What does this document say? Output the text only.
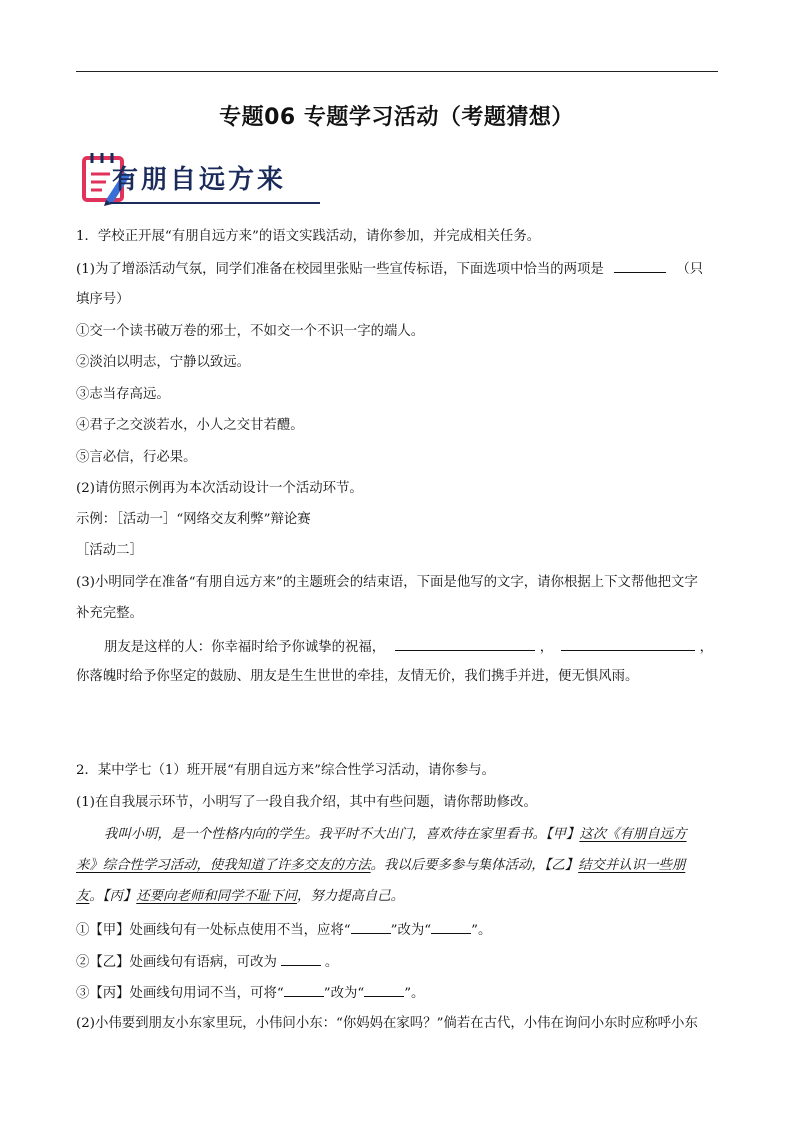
专题06 专题学习活动（考题猜想）
有朋自远方来
1．学校正开展“有朋自远方来”的语文实践活动，请你参加，并完成相关任务。
(1)为了增添活动气氛，同学们准备在校园里张贴一些宣传标语，下面选项中恰当的两项是	（只
填序号）
①交一个读书破万卷的邪士，不如交一个不识一字的端人。
②淡泊以明志，宁静以致远。
③志当存高远。
④君子之交淡若水，小人之交甘若醴。
⑤言必信，行必果。
(2)请仿照示例再为本次活动设计一个活动环节。
示例：［活动一］“网络交友利弊”辩论赛
［活动二］
(3)小明同学在准备“有朋自远方来”的主题班会的结束语，下面是他写的文字，请你根据上下文帮他把文字
补充完整。
朋友是这样的人：你幸福时给予你诚挚的祝福，	，	，
你落魄时给予你坚定的鼓励、朋友是生生世世的牵挂，友情无价，我们携手并进，便无惧风雨。
2．某中学七（1）班开展“有朋自远方来”综合性学习活动，请你参与。
(1)在自我展示环节，小明写了一段自我介绍，其中有些问题，请你帮助修改。
我叫小明，是一个性格内向的学生。我平时不大出门，喜欢待在家里看书。【甲】这次《有朋自远方
来》综合性学习活动，使我知道了许多交友的方法。我以后要多参与集体活动，【乙】结交并认识一些朋
友。【丙】还要向老师和同学不耻下问，努力提高自己。
①【甲】处画线句有一处标点使用不当，应将“	”改为“	”。
②【乙】处画线句有语病，可改为	。
③【丙】处画线句用词不当，可将“	”改为“	”。
(2)小伟要到朋友小东家里玩，小伟问小东：“你妈妈在家吗？”倘若在古代，小伟在询问小东时应称呼小东
